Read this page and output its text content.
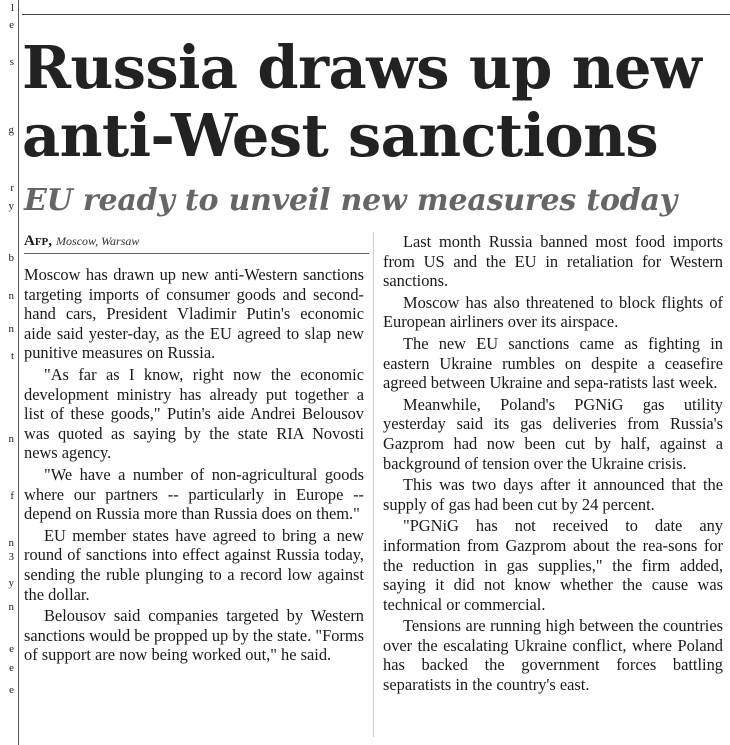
l
e
s
g
r
y
b
n
n
t
n
f
n
3
y
n
e
e
e
Russia draws up new
anti-West sanctions
EU ready to unveil new measures today
Afp, Moscow, Warsaw

Moscow has drawn up new anti-Western sanctions targeting imports of consumer goods and second-hand cars, President Vladimir Putin's economic aide said yester-day, as the EU agreed to slap new punitive measures on Russia.

"As far as I know, right now the economic development ministry has already put together a list of these goods," Putin's aide Andrei Belousov was quoted as saying by the state RIA Novosti news agency.

"We have a number of non-agricultural goods where our partners -- particularly in Europe -- depend on Russia more than Russia does on them."

EU member states have agreed to bring a new round of sanctions into effect against Russia today, sending the ruble plunging to a record low against the dollar.

Belousov said companies targeted by Western sanctions would be propped up by the state. "Forms of support are now being worked out," he said.

Last month Russia banned most food imports from US and the EU in retaliation for Western sanctions.

Moscow has also threatened to block flights of European airliners over its airspace.

The new EU sanctions came as fighting in eastern Ukraine rumbles on despite a ceasefire agreed between Ukraine and sepa-ratists last week.

Meanwhile, Poland's PGNiG gas utility yesterday said its gas deliveries from Russia's Gazprom had now been cut by half, against a background of tension over the Ukraine crisis.

This was two days after it announced that the supply of gas had been cut by 24 percent.

"PGNiG has not received to date any information from Gazprom about the rea-sons for the reduction in gas supplies," the firm added, saying it did not know whether the cause was technical or commercial.

Tensions are running high between the countries over the escalating Ukraine conflict, where Poland has backed the government forces battling separatists in the country's east.
